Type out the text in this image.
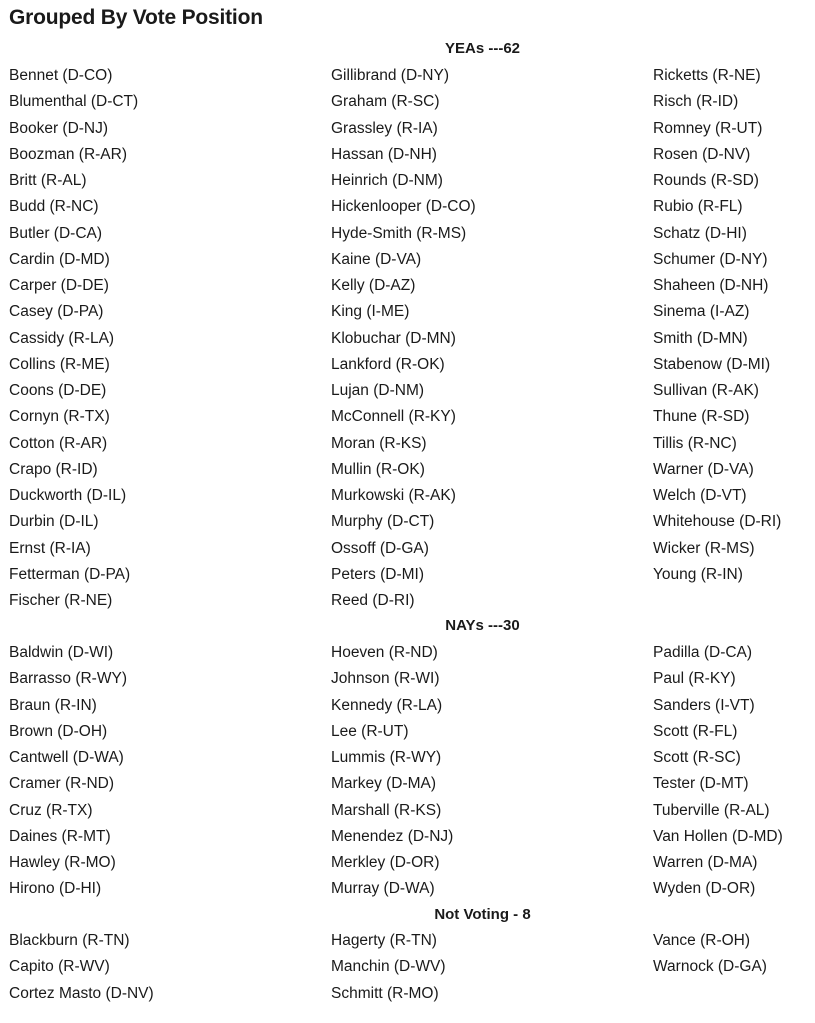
Grouped By Vote Position
YEAs ---62
Bennet (D-CO)
Blumenthal (D-CT)
Booker (D-NJ)
Boozman (R-AR)
Britt (R-AL)
Budd (R-NC)
Butler (D-CA)
Cardin (D-MD)
Carper (D-DE)
Casey (D-PA)
Cassidy (R-LA)
Collins (R-ME)
Coons (D-DE)
Cornyn (R-TX)
Cotton (R-AR)
Crapo (R-ID)
Duckworth (D-IL)
Durbin (D-IL)
Ernst (R-IA)
Fetterman (D-PA)
Fischer (R-NE)
Gillibrand (D-NY)
Graham (R-SC)
Grassley (R-IA)
Hassan (D-NH)
Heinrich (D-NM)
Hickenlooper (D-CO)
Hyde-Smith (R-MS)
Kaine (D-VA)
Kelly (D-AZ)
King (I-ME)
Klobuchar (D-MN)
Lankford (R-OK)
Lujan (D-NM)
McConnell (R-KY)
Moran (R-KS)
Mullin (R-OK)
Murkowski (R-AK)
Murphy (D-CT)
Ossoff (D-GA)
Peters (D-MI)
Reed (D-RI)
Ricketts (R-NE)
Risch (R-ID)
Romney (R-UT)
Rosen (D-NV)
Rounds (R-SD)
Rubio (R-FL)
Schatz (D-HI)
Schumer (D-NY)
Shaheen (D-NH)
Sinema (I-AZ)
Smith (D-MN)
Stabenow (D-MI)
Sullivan (R-AK)
Thune (R-SD)
Tillis (R-NC)
Warner (D-VA)
Welch (D-VT)
Whitehouse (D-RI)
Wicker (R-MS)
Young (R-IN)
NAYs ---30
Baldwin (D-WI)
Barrasso (R-WY)
Braun (R-IN)
Brown (D-OH)
Cantwell (D-WA)
Cramer (R-ND)
Cruz (R-TX)
Daines (R-MT)
Hawley (R-MO)
Hirono (D-HI)
Hoeven (R-ND)
Johnson (R-WI)
Kennedy (R-LA)
Lee (R-UT)
Lummis (R-WY)
Markey (D-MA)
Marshall (R-KS)
Menendez (D-NJ)
Merkley (D-OR)
Murray (D-WA)
Padilla (D-CA)
Paul (R-KY)
Sanders (I-VT)
Scott (R-FL)
Scott (R-SC)
Tester (D-MT)
Tuberville (R-AL)
Van Hollen (D-MD)
Warren (D-MA)
Wyden (D-OR)
Not Voting - 8
Blackburn (R-TN)
Capito (R-WV)
Cortez Masto (D-NV)
Hagerty (R-TN)
Manchin (D-WV)
Schmitt (R-MO)
Vance (R-OH)
Warnock (D-GA)
